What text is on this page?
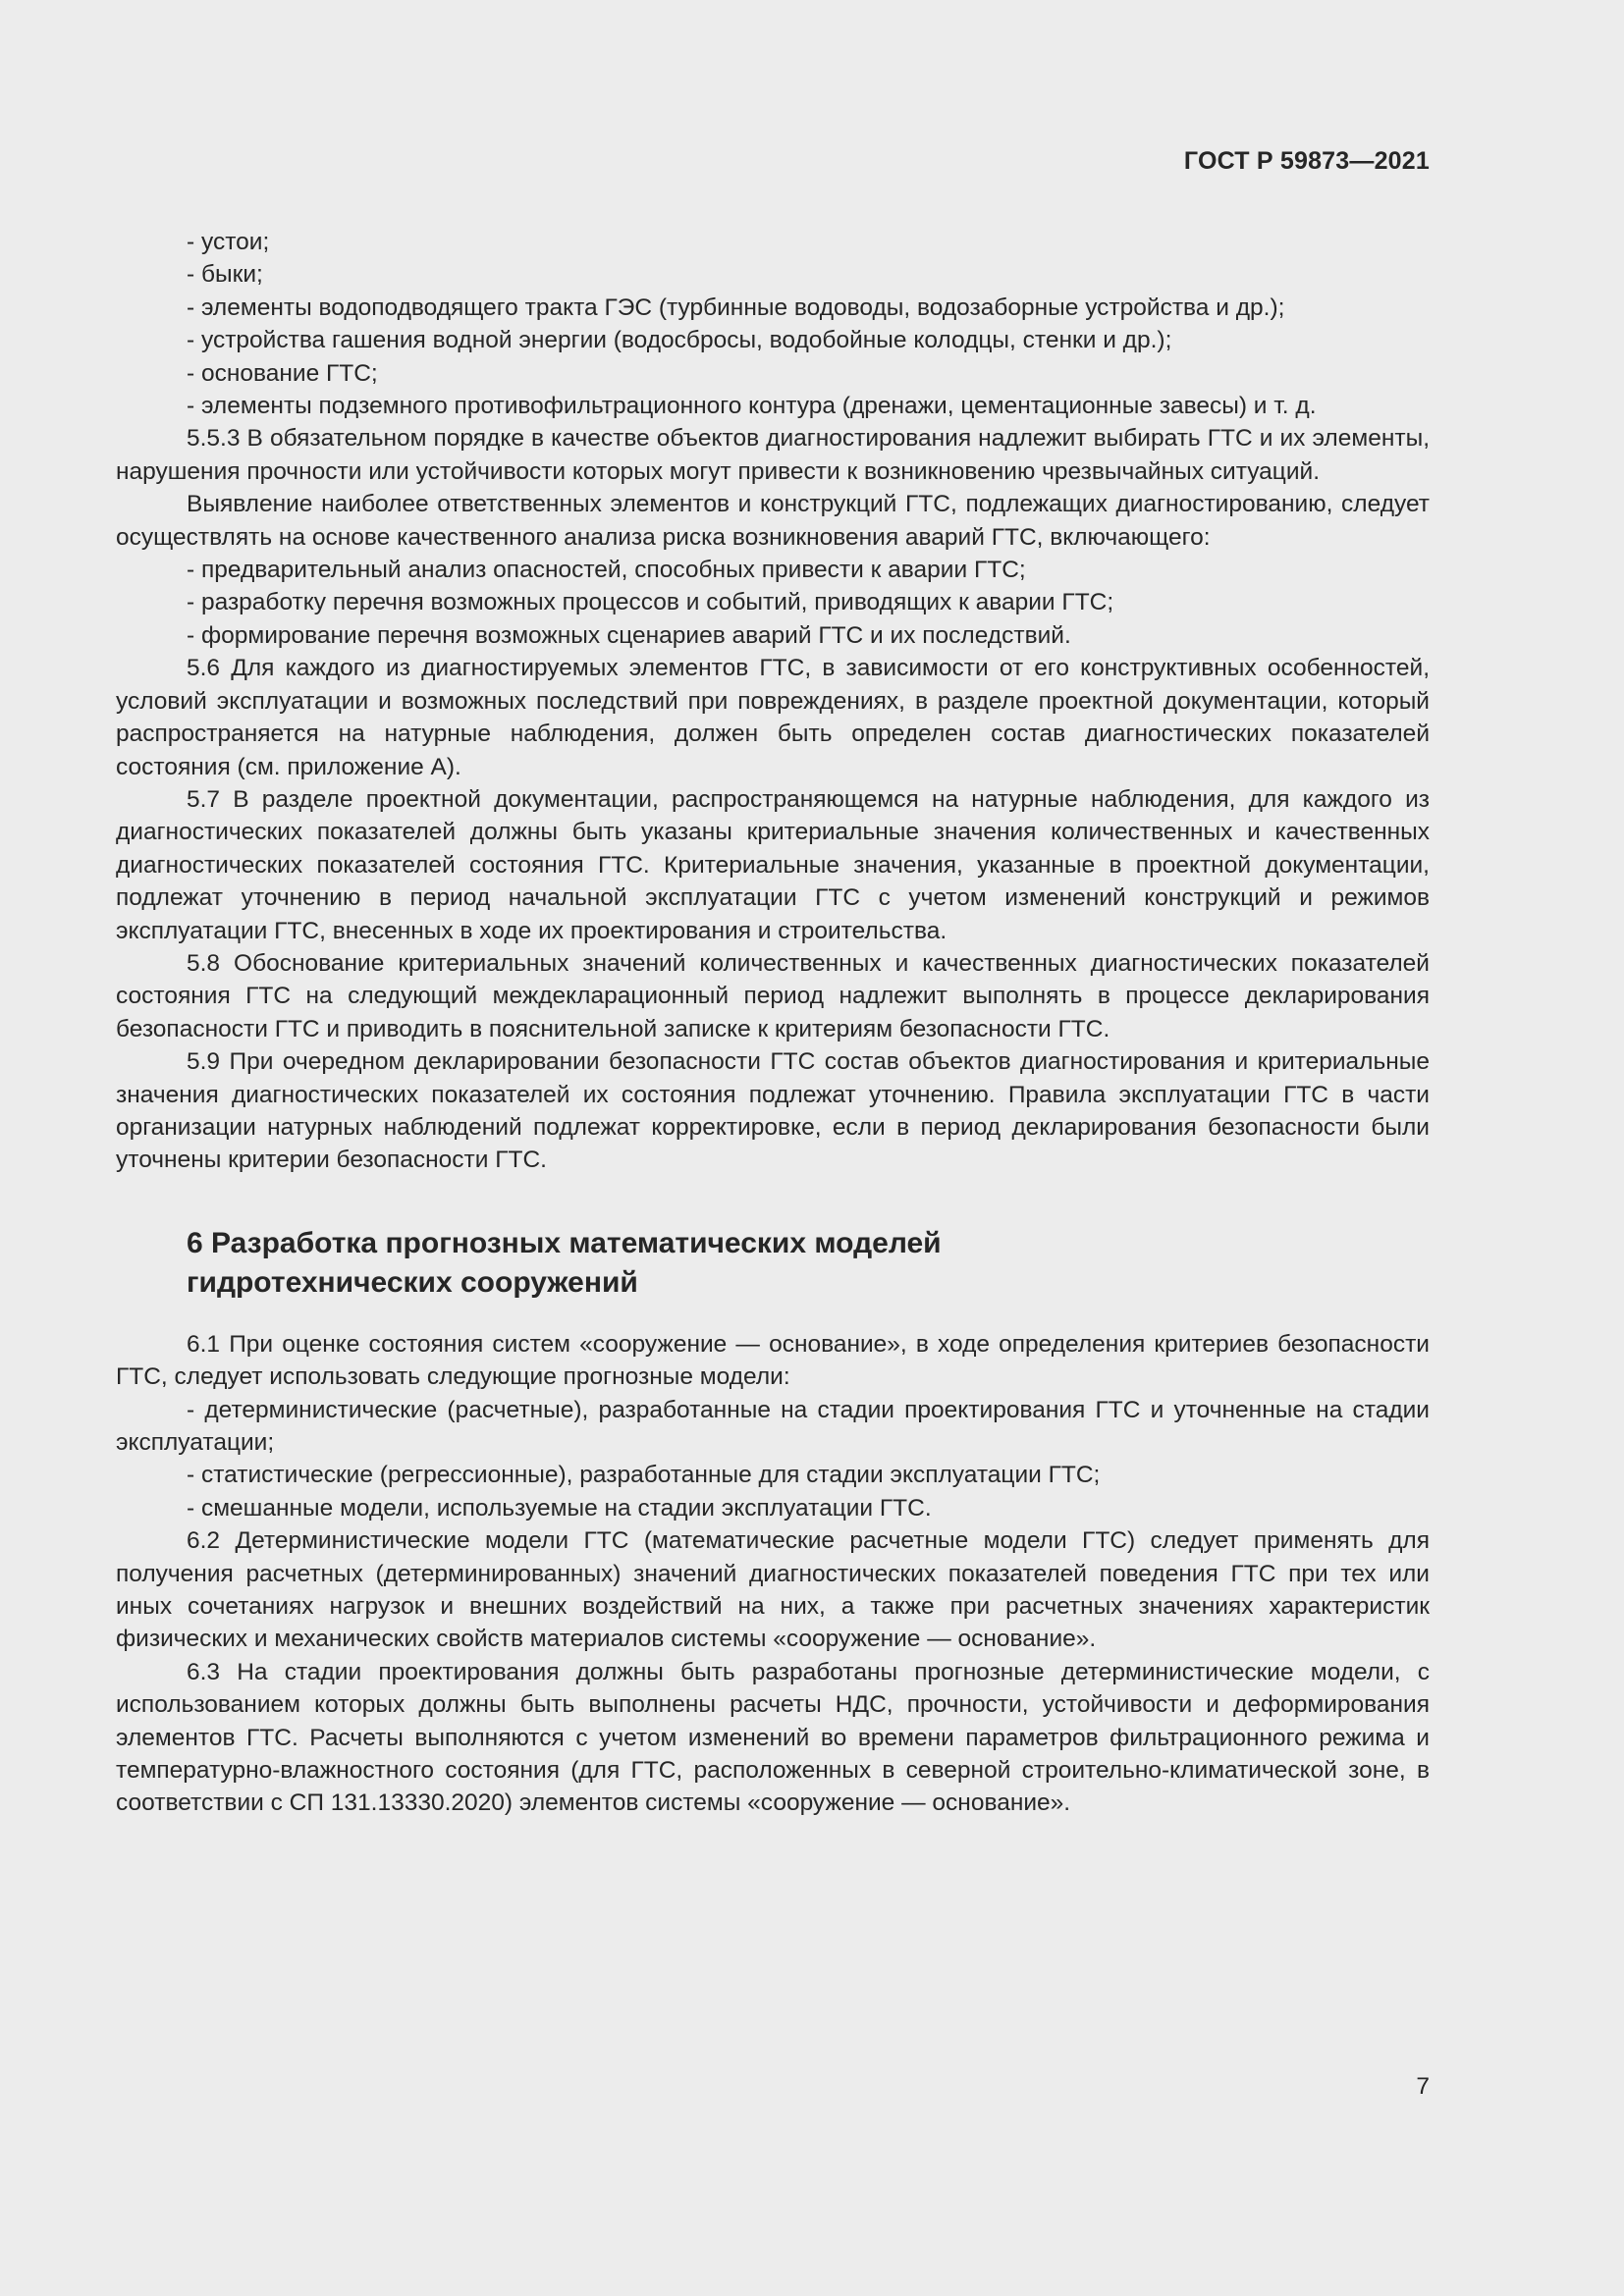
ГОСТ Р 59873—2021

- устои;

- быки;

- элементы водоподводящего тракта ГЭС (турбинные водоводы, водозаборные устройства и др.);

- устройства гашения водной энергии (водосбросы, водобойные колодцы, стенки и др.);

- основание ГТС;

- элементы подземного противофильтрационного контура (дренажи, цементационные завесы) и т. д.

5.5.3 В обязательном порядке в качестве объектов диагностирования надлежит выбирать ГТС и их элементы, нарушения прочности или устойчивости которых могут привести к возникновению чрезвычайных ситуаций.

Выявление наиболее ответственных элементов и конструкций ГТС, подлежащих диагностированию, следует осуществлять на основе качественного анализа риска возникновения аварий ГТС, включающего:

- предварительный анализ опасностей, способных привести к аварии ГТС;

- разработку перечня возможных процессов и событий, приводящих к аварии ГТС;

- формирование перечня возможных сценариев аварий ГТС и их последствий.

5.6 Для каждого из диагностируемых элементов ГТС, в зависимости от его конструктивных особенностей, условий эксплуатации и возможных последствий при повреждениях, в разделе проектной документации, который распространяется на натурные наблюдения, должен быть определен состав диагностических показателей состояния (см. приложение А).

5.7 В разделе проектной документации, распространяющемся на натурные наблюдения, для каждого из диагностических показателей должны быть указаны критериальные значения количественных и качественных диагностических показателей состояния ГТС. Критериальные значения, указанные в проектной документации, подлежат уточнению в период начальной эксплуатации ГТС с учетом изменений конструкций и режимов эксплуатации ГТС, внесенных в ходе их проектирования и строительства.

5.8 Обоснование критериальных значений количественных и качественных диагностических показателей состояния ГТС на следующий междекларационный период надлежит выполнять в процессе декларирования безопасности ГТС и приводить в пояснительной записке к критериям безопасности ГТС.

5.9 При очередном декларировании безопасности ГТС состав объектов диагностирования и критериальные значения диагностических показателей их состояния подлежат уточнению. Правила эксплуатации ГТС в части организации натурных наблюдений подлежат корректировке, если в период декларирования безопасности были уточнены критерии безопасности ГТС.

6 Разработка прогнозных математических моделей
гидротехнических сооружений

6.1 При оценке состояния систем «сооружение — основание», в ходе определения критериев безопасности ГТС, следует использовать следующие прогнозные модели:

- детерминистические (расчетные), разработанные на стадии проектирования ГТС и уточненные на стадии эксплуатации;

- статистические (регрессионные), разработанные для стадии эксплуатации ГТС;

- смешанные модели, используемые на стадии эксплуатации ГТС.

6.2 Детерминистические модели ГТС (математические расчетные модели ГТС) следует применять для получения расчетных (детерминированных) значений диагностических показателей поведения ГТС при тех или иных сочетаниях нагрузок и внешних воздействий на них, а также при расчетных значениях характеристик физических и механических свойств материалов системы «сооружение — основание».

6.3 На стадии проектирования должны быть разработаны прогнозные детерминистические модели, с использованием которых должны быть выполнены расчеты НДС, прочности, устойчивости и деформирования элементов ГТС. Расчеты выполняются с учетом изменений во времени параметров фильтрационного режима и температурно-влажностного состояния (для ГТС, расположенных в северной строительно-климатической зоне, в соответствии с СП 131.13330.2020) элементов системы «сооружение — основание».

7
